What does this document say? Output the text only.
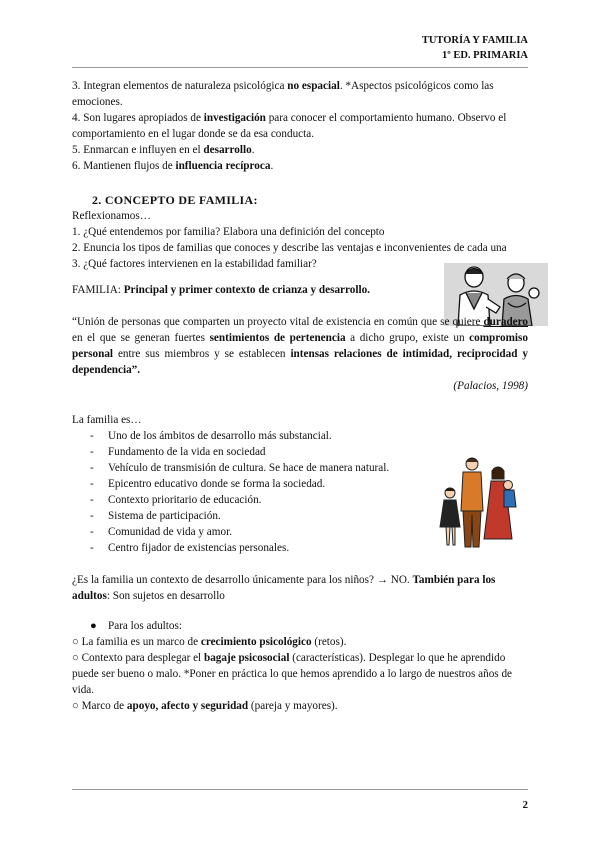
TUTORÍA Y FAMILIA
1º ED. PRIMARIA

3. Integran elementos de naturaleza psicológica no espacial. *Aspectos psicológicos como las emociones.

4. Son lugares apropiados de investigación para conocer el comportamiento humano. Observo el comportamiento en el lugar donde se da esa conducta.

5. Enmarcan e influyen en el desarrollo.

6. Mantienen flujos de influencia recíproca.

2. CONCEPTO DE FAMILIA:

Reflexionamos…

1. ¿Qué entendemos por familia? Elabora una definición del concepto

2. Enuncia los tipos de familias que conoces y describe las ventajas e inconvenientes de cada una

3. ¿Qué factores intervienen en la estabilidad familiar?

FAMILIA: Principal y primer contexto de crianza y desarrollo.

“Unión de personas que comparten un proyecto vital de existencia en común que se quiere duradero en el que se generan fuertes sentimientos de pertenencia a dicho grupo, existe un compromiso personal entre sus miembros y se establecen intensas relaciones de intimidad, reciprocidad y dependencia”.

(Palacios, 1998)

La familia es…

- Uno de los ámbitos de desarrollo más substancial.
- Fundamento de la vida en sociedad
- Vehículo de transmisión de cultura. Se hace de manera natural.
- Epicentro educativo donde se forma la sociedad.
- Contexto prioritario de educación.
- Sistema de participación.
- Comunidad de vida y amor.
- Centro fijador de existencias personales.

¿Es la familia un contexto de desarrollo únicamente para los niños? → NO. También para los adultos: Son sujetos en desarrollo

● Para los adultos:

○ La familia es un marco de crecimiento psicológico (retos).

○ Contexto para desplegar el bagaje psicosocial (características). Desplegar lo que he aprendido puede ser bueno o malo. *Poner en práctica lo que hemos aprendido a lo largo de nuestros años de vida.

○ Marco de apoyo, afecto y seguridad (pareja y mayores).

2
